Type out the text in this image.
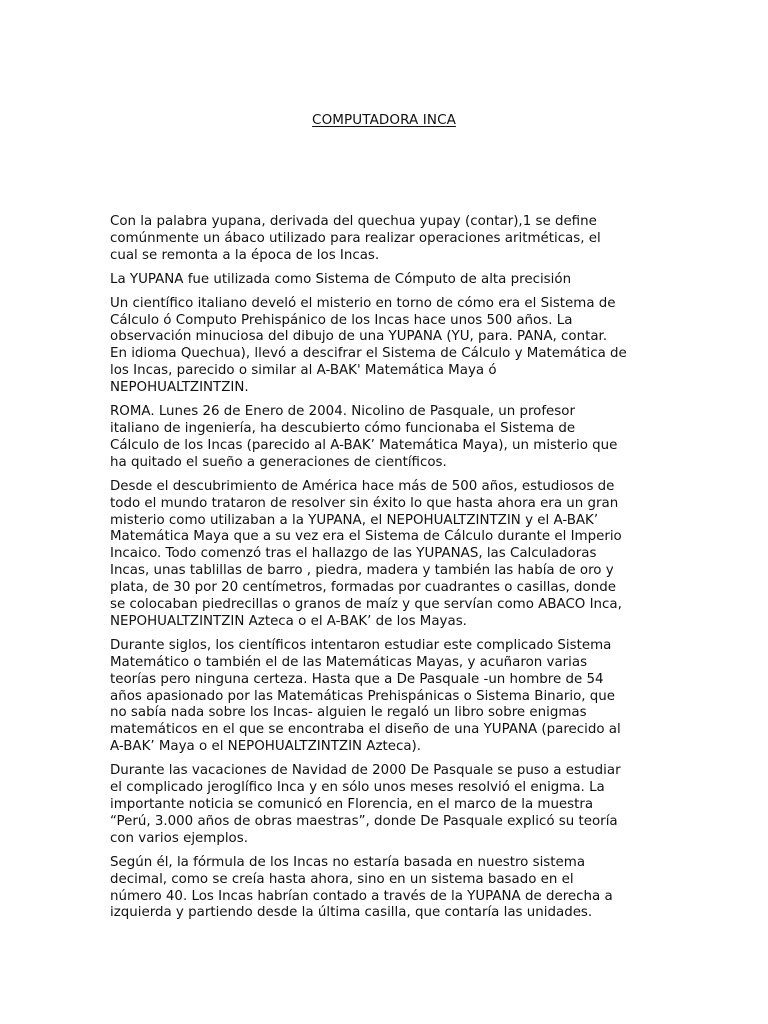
COMPUTADORA INCA

Con la palabra yupana, derivada del quechua yupay (contar),1 se define
comúnmente un ábaco utilizado para realizar operaciones aritméticas, el
cual se remonta a la época de los Incas.

La YUPANA fue utilizada como Sistema de Cómputo de alta precisión

Un científico italiano develó el misterio en torno de cómo era el Sistema de
Cálculo ó Computo Prehispánico de los Incas hace unos 500 años. La
observación minuciosa del dibujo de una YUPANA (YU, para. PANA, contar.
En idioma Quechua), llevó a descifrar el Sistema de Cálculo y Matemática de
los Incas, parecido o similar al A-BAK' Matemática Maya ó
NEPOHUALTZINTZIN.

ROMA. Lunes 26 de Enero de 2004. Nicolino de Pasquale, un profesor
italiano de ingeniería, ha descubierto cómo funcionaba el Sistema de
Cálculo de los Incas (parecido al A-BAK’ Matemática Maya), un misterio que
ha quitado el sueño a generaciones de científicos.

Desde el descubrimiento de América hace más de 500 años, estudiosos de
todo el mundo trataron de resolver sin éxito lo que hasta ahora era un gran
misterio como utilizaban a la YUPANA, el NEPOHUALTZINTZIN y el A-BAK’
Matemática Maya que a su vez era el Sistema de Cálculo durante el Imperio
Incaico. Todo comenzó tras el hallazgo de las YUPANAS, las Calculadoras
Incas, unas tablillas de barro , piedra, madera y también las había de oro y
plata, de 30 por 20 centímetros, formadas por cuadrantes o casillas, donde
se colocaban piedrecillas o granos de maíz y que servían como ABACO Inca,
NEPOHUALTZINTZIN Azteca o el A-BAK’ de los Mayas.

Durante siglos, los científicos intentaron estudiar este complicado Sistema
Matemático o también el de las Matemáticas Mayas, y acuñaron varias
teorías pero ninguna certeza. Hasta que a De Pasquale -un hombre de 54
años apasionado por las Matemáticas Prehispánicas o Sistema Binario, que
no sabía nada sobre los Incas- alguien le regaló un libro sobre enigmas
matemáticos en el que se encontraba el diseño de una YUPANA (parecido al
A-BAK’ Maya o el NEPOHUALTZINTZIN Azteca).

Durante las vacaciones de Navidad de 2000 De Pasquale se puso a estudiar
el complicado jeroglífico Inca y en sólo unos meses resolvió el enigma. La
importante noticia se comunicó en Florencia, en el marco de la muestra
“Perú, 3.000 años de obras maestras”, donde De Pasquale explicó su teoría
con varios ejemplos.

Según él, la fórmula de los Incas no estaría basada en nuestro sistema
decimal, como se creía hasta ahora, sino en un sistema basado en el
número 40. Los Incas habrían contado a través de la YUPANA de derecha a
izquierda y partiendo desde la última casilla, que contaría las unidades.
